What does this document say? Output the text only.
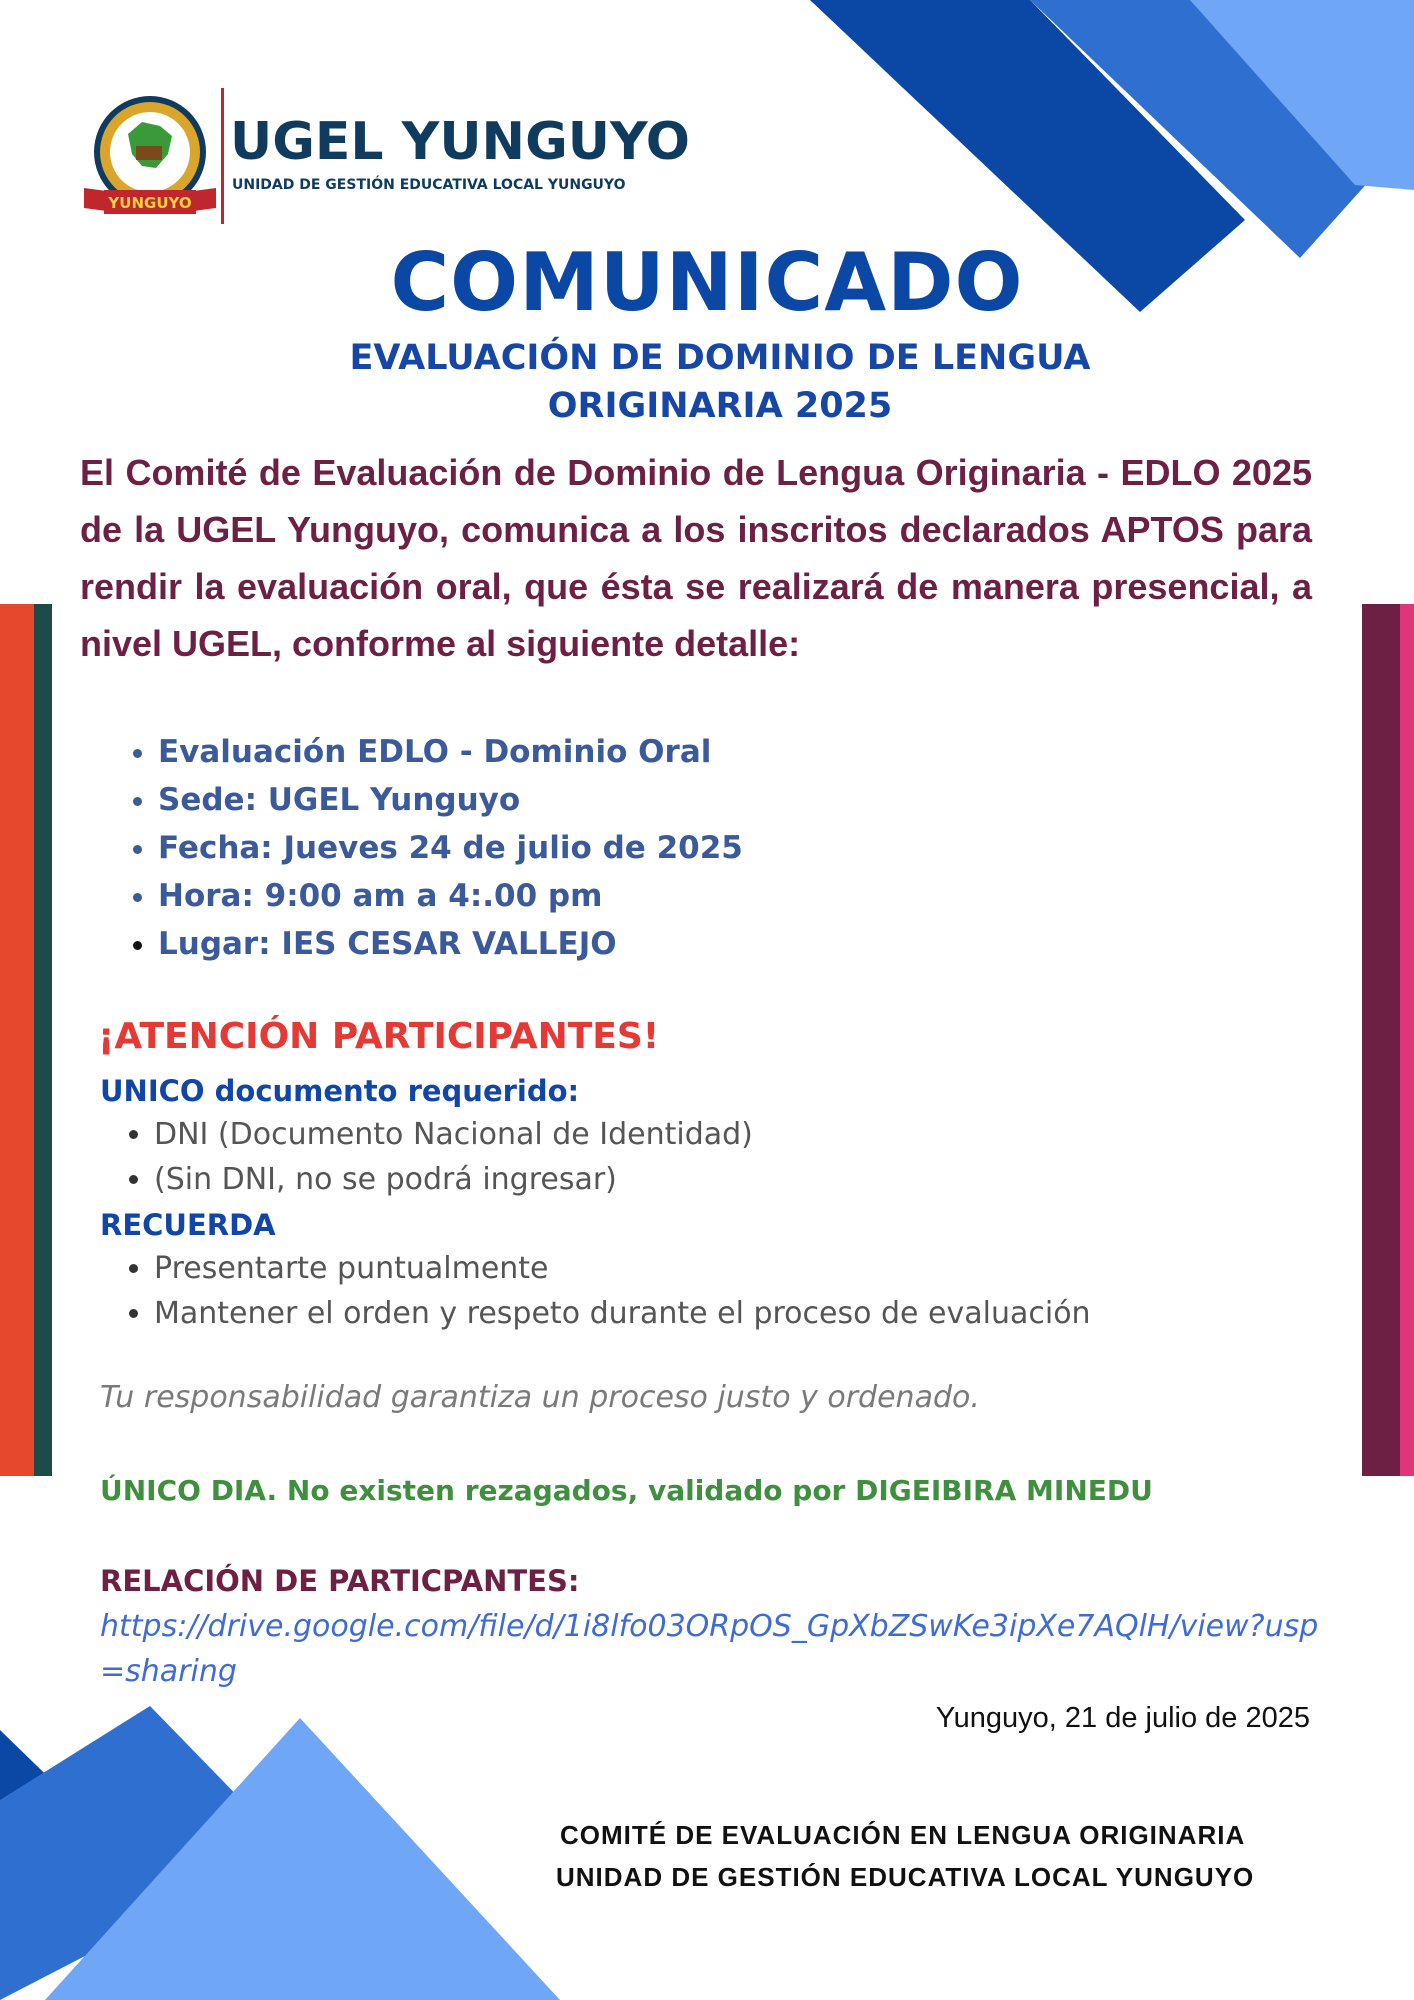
YUNGUYO
UGEL YUNGUYO
UNIDAD DE GESTIÓN EDUCATIVA LOCAL YUNGUYO
COMUNICADO
EVALUACIÓN DE DOMINIO DE LENGUA
ORIGINARIA 2025
El Comité de Evaluación de Dominio de Lengua Originaria - EDLO 2025 de la UGEL Yunguyo, comunica a los inscritos declarados APTOS para rendir la evaluación oral, que ésta se realizará de manera presencial, a nivel UGEL, conforme al siguiente detalle:
• Evaluación EDLO - Dominio Oral
• Sede: UGEL Yunguyo
• Fecha: Jueves 24 de julio de 2025
• Hora: 9:00 am a 4:.00 pm
• Lugar: IES CESAR VALLEJO
¡ATENCIÓN PARTICIPANTES!
UNICO documento requerido:
• DNI (Documento Nacional de Identidad)
• (Sin DNI, no se podrá ingresar)
RECUERDA
• Presentarte puntualmente
• Mantener el orden y respeto durante el proceso de evaluación
Tu responsabilidad garantiza un proceso justo y ordenado.
ÚNICO DIA. No existen rezagados, validado por DIGEIBIRA MINEDU
RELACIÓN DE PARTICPANTES:
https://drive.google.com/file/d/1i8lfo03ORpOS_GpXbZSwKe3ipXe7AQlH/view?usp=sharing
Yunguyo, 21 de julio de 2025
COMITÉ DE EVALUACIÓN EN LENGUA ORIGINARIA
UNIDAD DE GESTIÓN EDUCATIVA LOCAL YUNGUYO
